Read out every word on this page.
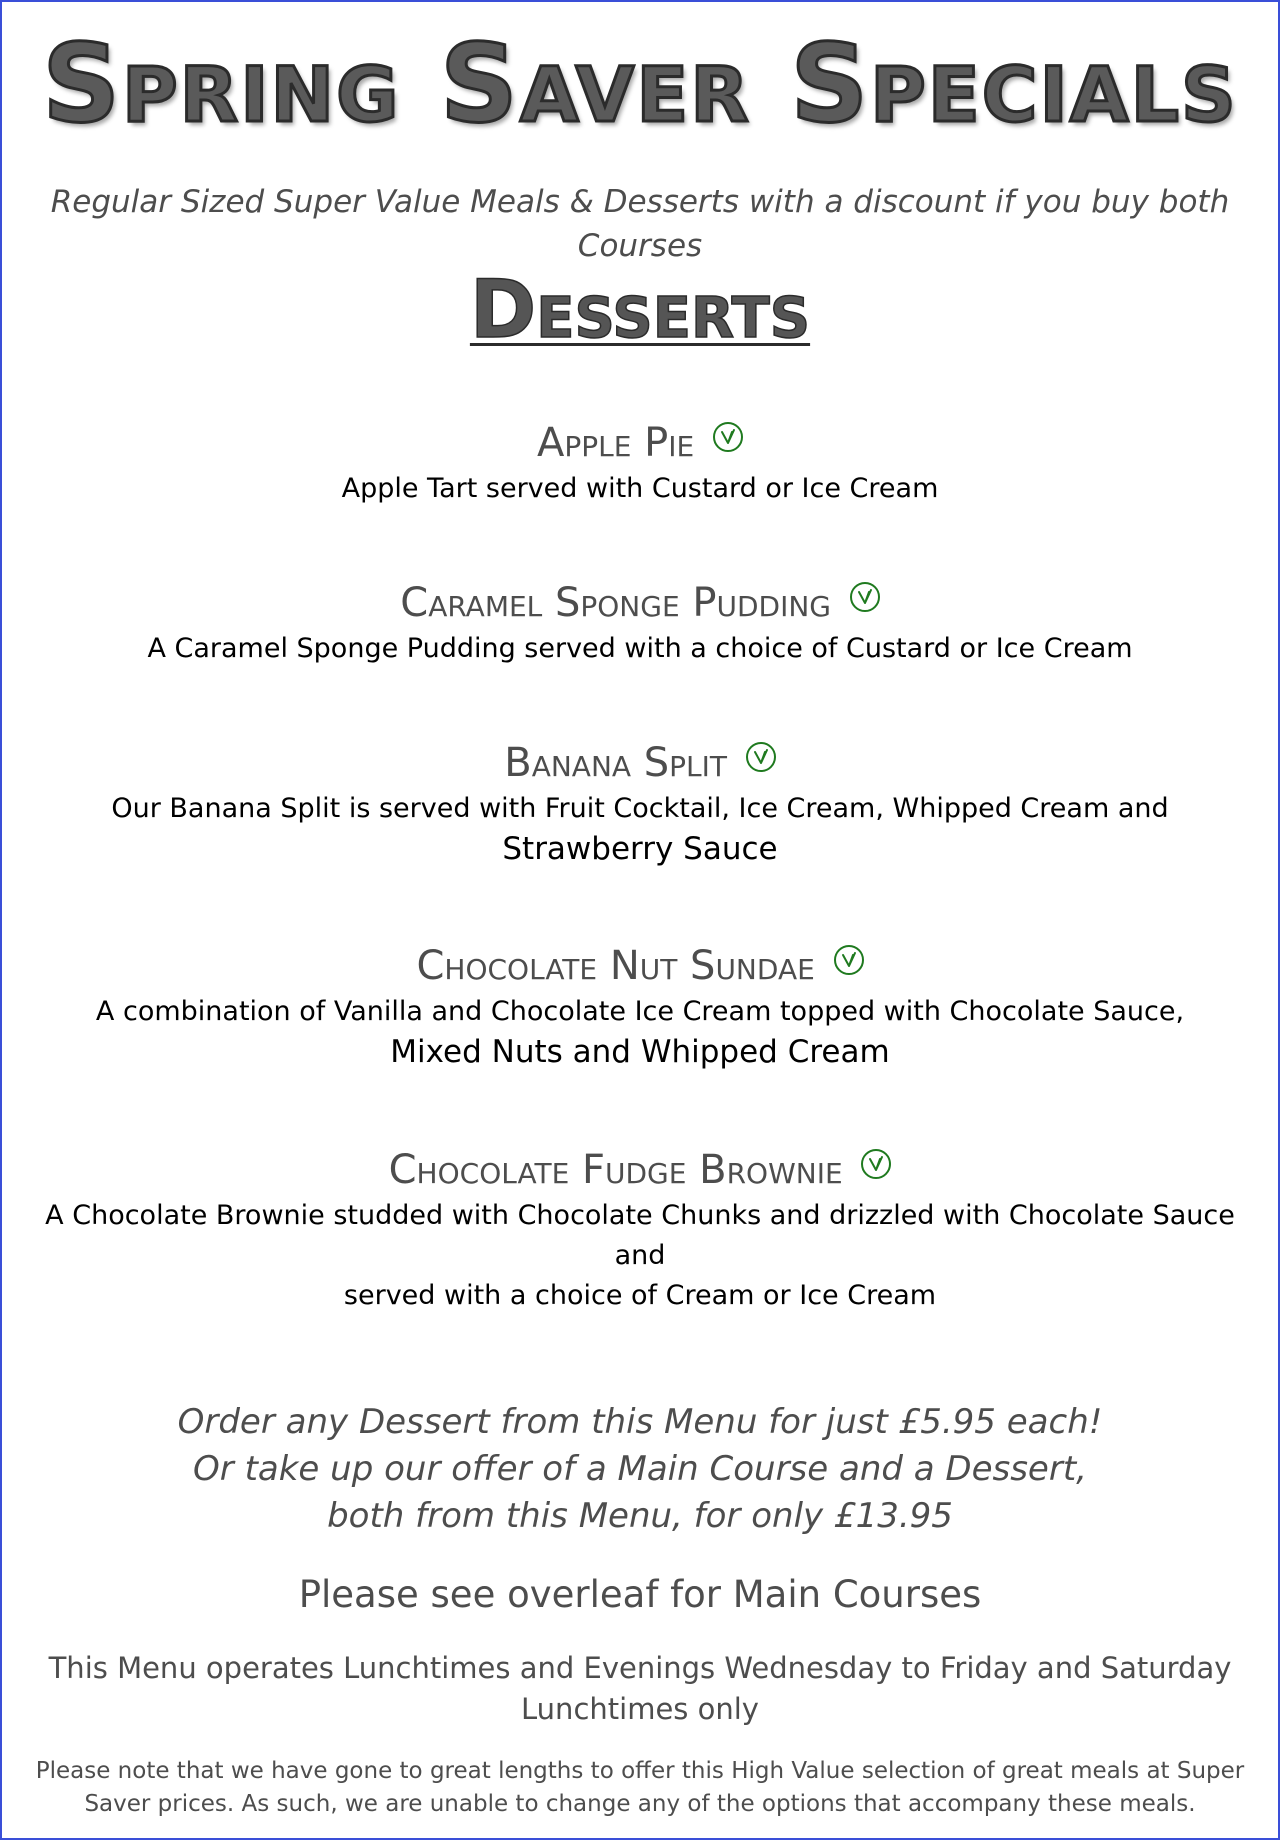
Spring Saver Specials

Regular Sized Super Value Meals & Desserts with a discount if you buy both Courses

Desserts
Apple Pie
Apple Tart served with Custard or Ice Cream
Caramel Sponge Pudding
A Caramel Sponge Pudding served with a choice of Custard or Ice Cream
Banana Split
Our Banana Split is served with Fruit Cocktail, Ice Cream, Whipped Cream and
Strawberry Sauce
Chocolate Nut Sundae
A combination of Vanilla and Chocolate Ice Cream topped with Chocolate Sauce,
Mixed Nuts and Whipped Cream
Chocolate Fudge Brownie
A Chocolate Brownie studded with Chocolate Chunks and drizzled with Chocolate Sauce and
served with a choice of Cream or Ice Cream
Order any Dessert from this Menu for just £5.95 each!
Or take up our offer of a Main Course and a Dessert,
both from this Menu, for only £13.95
Please see overleaf for Main Courses
This Menu operates Lunchtimes and Evenings Wednesday to Friday and Saturday Lunchtimes only
Please note that we have gone to great lengths to offer this High Value selection of great meals at Super Saver prices. As such, we are unable to change any of the options that accompany these meals.
